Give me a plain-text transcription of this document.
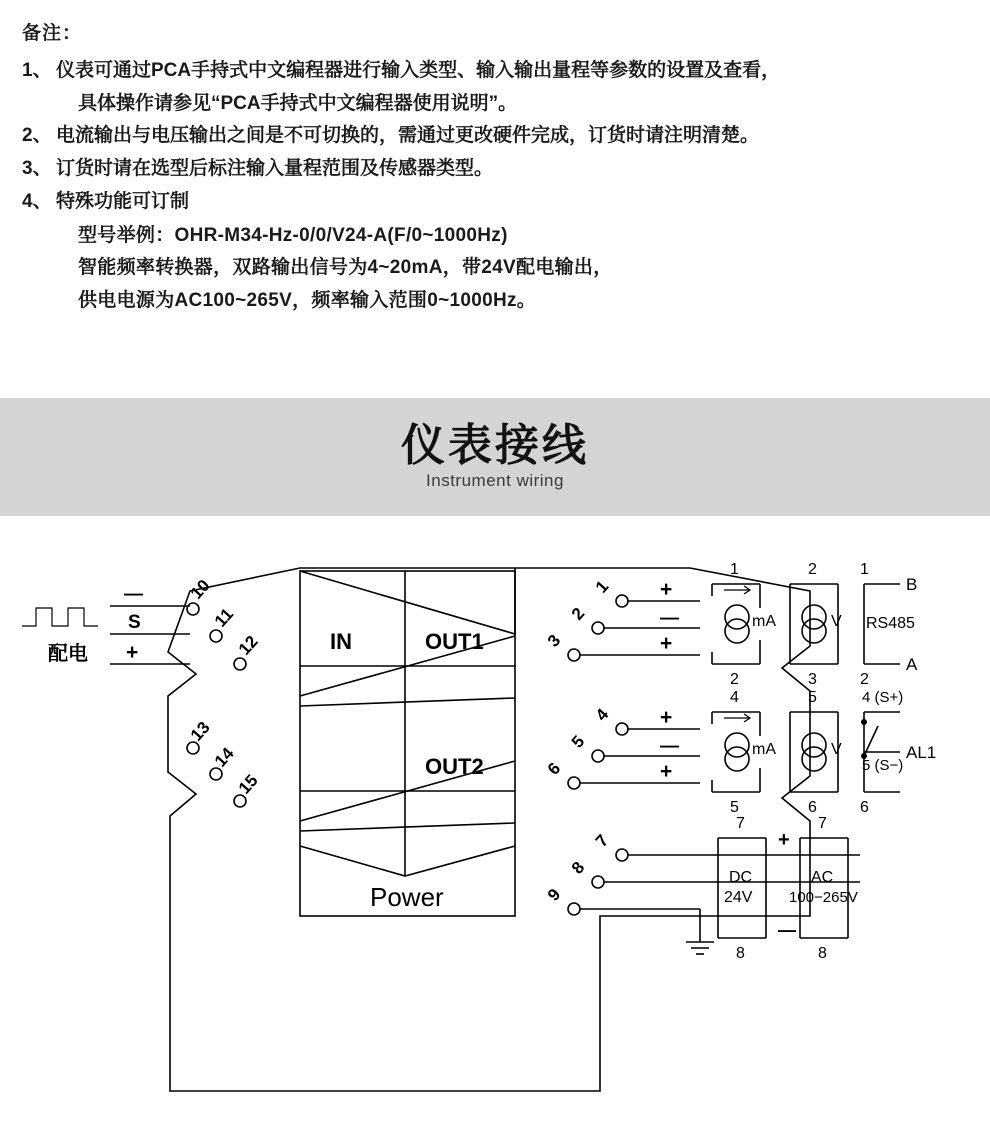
备注：
1、 仪表可通过PCA手持式中文编程器进行输入类型、输入输出量程等参数的设置及查看，
具体操作请参见“PCA手持式中文编程器使用说明”。
2、 电流输出与电压输出之间是不可切换的，需通过更改硬件完成，订货时请注明清楚。
3、 订货时请在选型后标注输入量程范围及传感器类型。
4、 特殊功能可订制
型号举例：OHR-M34-Hz-0/0/V24-A(F/0~1000Hz)
智能频率转换器，双路输出信号为4~20mA，带24V配电输出，
供电电源为AC100~265V，频率输入范围0~1000Hz。
仪表接线
Instrument wiring
IN	OUT1
OUT2
Power
—
S
+
配电
10
11
12
13
14
15
1
2
3
4
5
6
7
8
9
+
—
+
+
—
+
mA
1
2
V
2
3
RS485
1
2
B
A
mA
4
5
V
5
6
4 (S+)
5 (S−)
6
AL1
7
+
—
DC
24V
8
7
AC
100−265V
8
